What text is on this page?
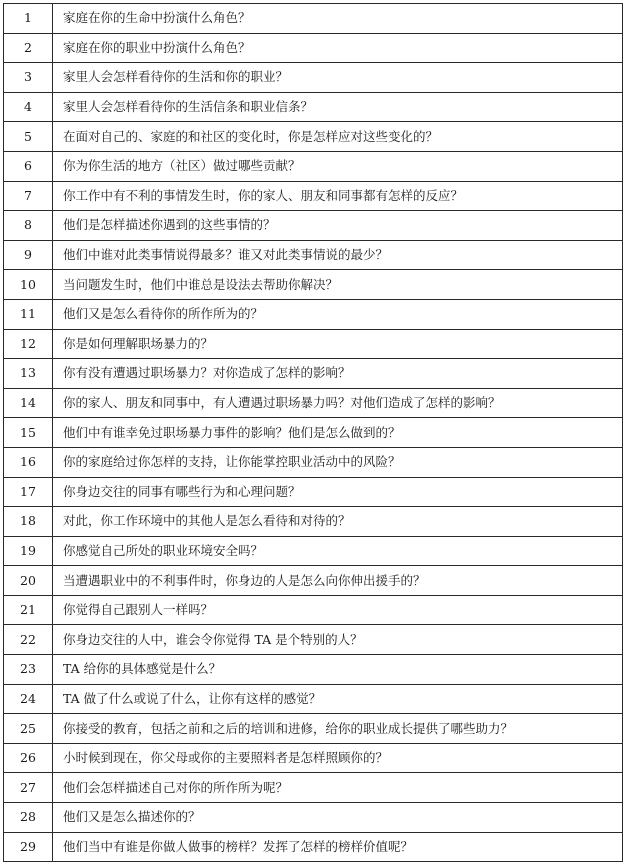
1	家庭在你的生命中扮演什么角色？
2	家庭在你的职业中扮演什么角色？
3	家里人会怎样看待你的生活和你的职业？
4	家里人会怎样看待你的生活信条和职业信条？
5	在面对自己的、家庭的和社区的变化时，你是怎样应对这些变化的？
6	你为你生活的地方（社区）做过哪些贡献？
7	你工作中有不利的事情发生时，你的家人、朋友和同事都有怎样的反应？
8	他们是怎样描述你遇到的这些事情的？
9	他们中谁对此类事情说得最多？谁又对此类事情说的最少？
10	当问题发生时，他们中谁总是设法去帮助你解决？
11	他们又是怎么看待你的所作所为的？
12	你是如何理解职场暴力的？
13	你有没有遭遇过职场暴力？对你造成了怎样的影响？
14	你的家人、朋友和同事中，有人遭遇过职场暴力吗？对他们造成了怎样的影响？
15	他们中有谁幸免过职场暴力事件的影响？他们是怎么做到的？
16	你的家庭给过你怎样的支持，让你能掌控职业活动中的风险？
17	你身边交往的同事有哪些行为和心理问题？
18	对此，你工作环境中的其他人是怎么看待和对待的？
19	你感觉自己所处的职业环境安全吗？
20	当遭遇职业中的不利事件时，你身边的人是怎么向你伸出援手的？
21	你觉得自己跟别人一样吗？
22	你身边交往的人中，谁会令你觉得 TA 是个特别的人？
23	TA 给你的具体感觉是什么？
24	TA 做了什么或说了什么，让你有这样的感觉？
25	你接受的教育，包括之前和之后的培训和进修，给你的职业成长提供了哪些助力？
26	小时候到现在，你父母或你的主要照料者是怎样照顾你的？
27	他们会怎样描述自己对你的所作所为呢？
28	他们又是怎么描述你的？
29	他们当中有谁是你做人做事的榜样？发挥了怎样的榜样价值呢？
